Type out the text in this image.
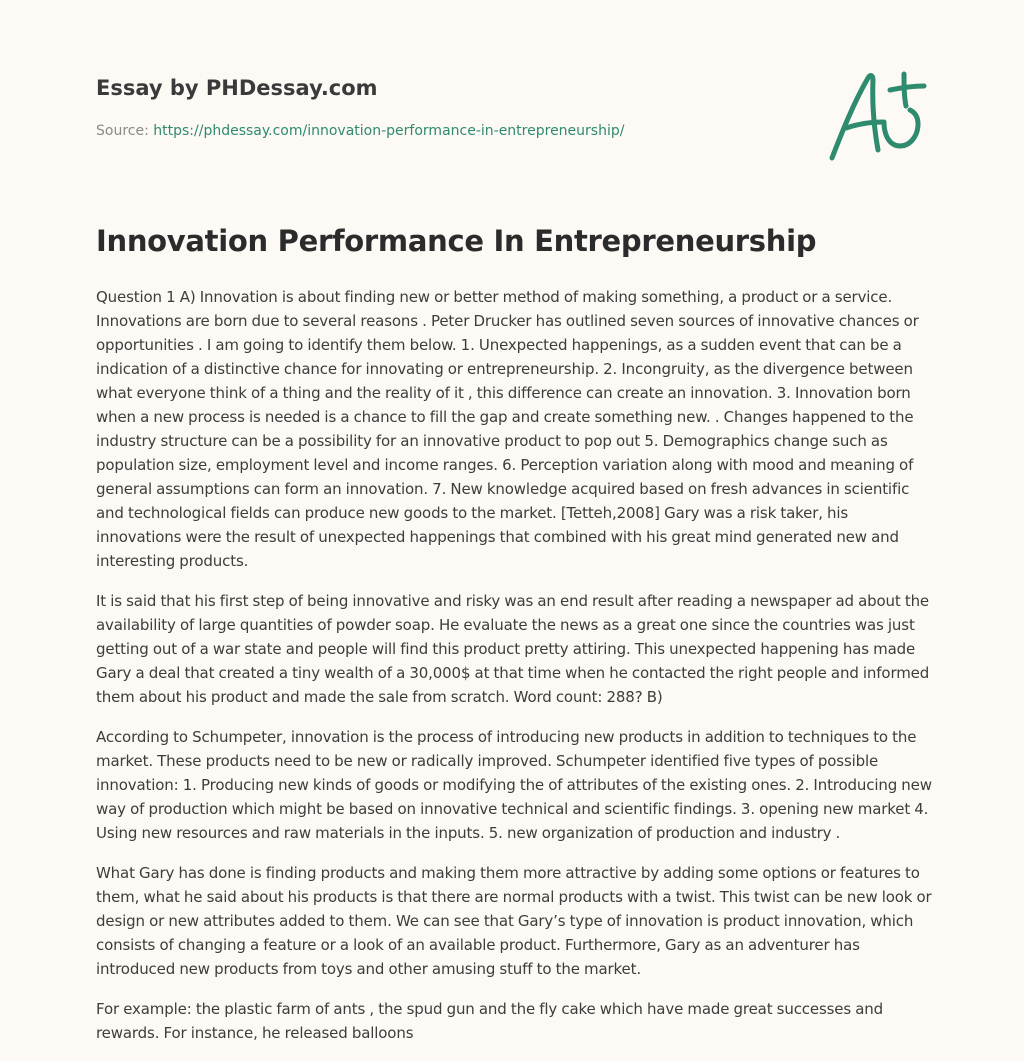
Essay by PHDessay.com
Source: https://phdessay.com/innovation-performance-in-entrepreneurship/
Innovation Performance In Entrepreneurship

Question 1 A) Innovation is about finding new or better method of making something, a product or a service. Innovations are born due to several reasons . Peter Drucker has outlined seven sources of innovative chances or opportunities . I am going to identify them below. 1. Unexpected happenings, as a sudden event that can be a indication of a distinctive chance for innovating or entrepreneurship. 2. Incongruity, as the divergence between what everyone think of a thing and the reality of it , this difference can create an innovation. 3. Innovation born when a new process is needed is a chance to fill the gap and create something new. . Changes happened to the industry structure can be a possibility for an innovative product to pop out 5. Demographics change such as population size, employment level and income ranges. 6. Perception variation along with mood and meaning of general assumptions can form an innovation. 7. New knowledge acquired based on fresh advances in scientific and technological fields can produce new goods to the market. [Tetteh,2008] Gary was a risk taker, his innovations were the result of unexpected happenings that combined with his great mind generated new and interesting products.

It is said that his first step of being innovative and risky was an end result after reading a newspaper ad about the availability of large quantities of powder soap. He evaluate the news as a great one since the countries was just getting out of a war state and people will find this product pretty attiring. This unexpected happening has made Gary a deal that created a tiny wealth of a 30,000$ at that time when he contacted the right people and informed them about his product and made the sale from scratch. Word count: 288? B)

According to Schumpeter, innovation is the process of introducing new products in addition to techniques to the market. These products need to be new or radically improved. Schumpeter identified five types of possible innovation: 1. Producing new kinds of goods or modifying the of attributes of the existing ones. 2. Introducing new way of production which might be based on innovative technical and scientific findings. 3. opening new market 4. Using new resources and raw materials in the inputs. 5. new organization of production and industry .

What Gary has done is finding products and making them more attractive by adding some options or features to them, what he said about his products is that there are normal products with a twist. This twist can be new look or design or new attributes added to them. We can see that Gary’s type of innovation is product innovation, which consists of changing a feature or a look of an available product. Furthermore, Gary as an adventurer has introduced new products from toys and other amusing stuff to the market.

For example: the plastic farm of ants , the spud gun and the fly cake which have made great successes and rewards. For instance, he released balloons
